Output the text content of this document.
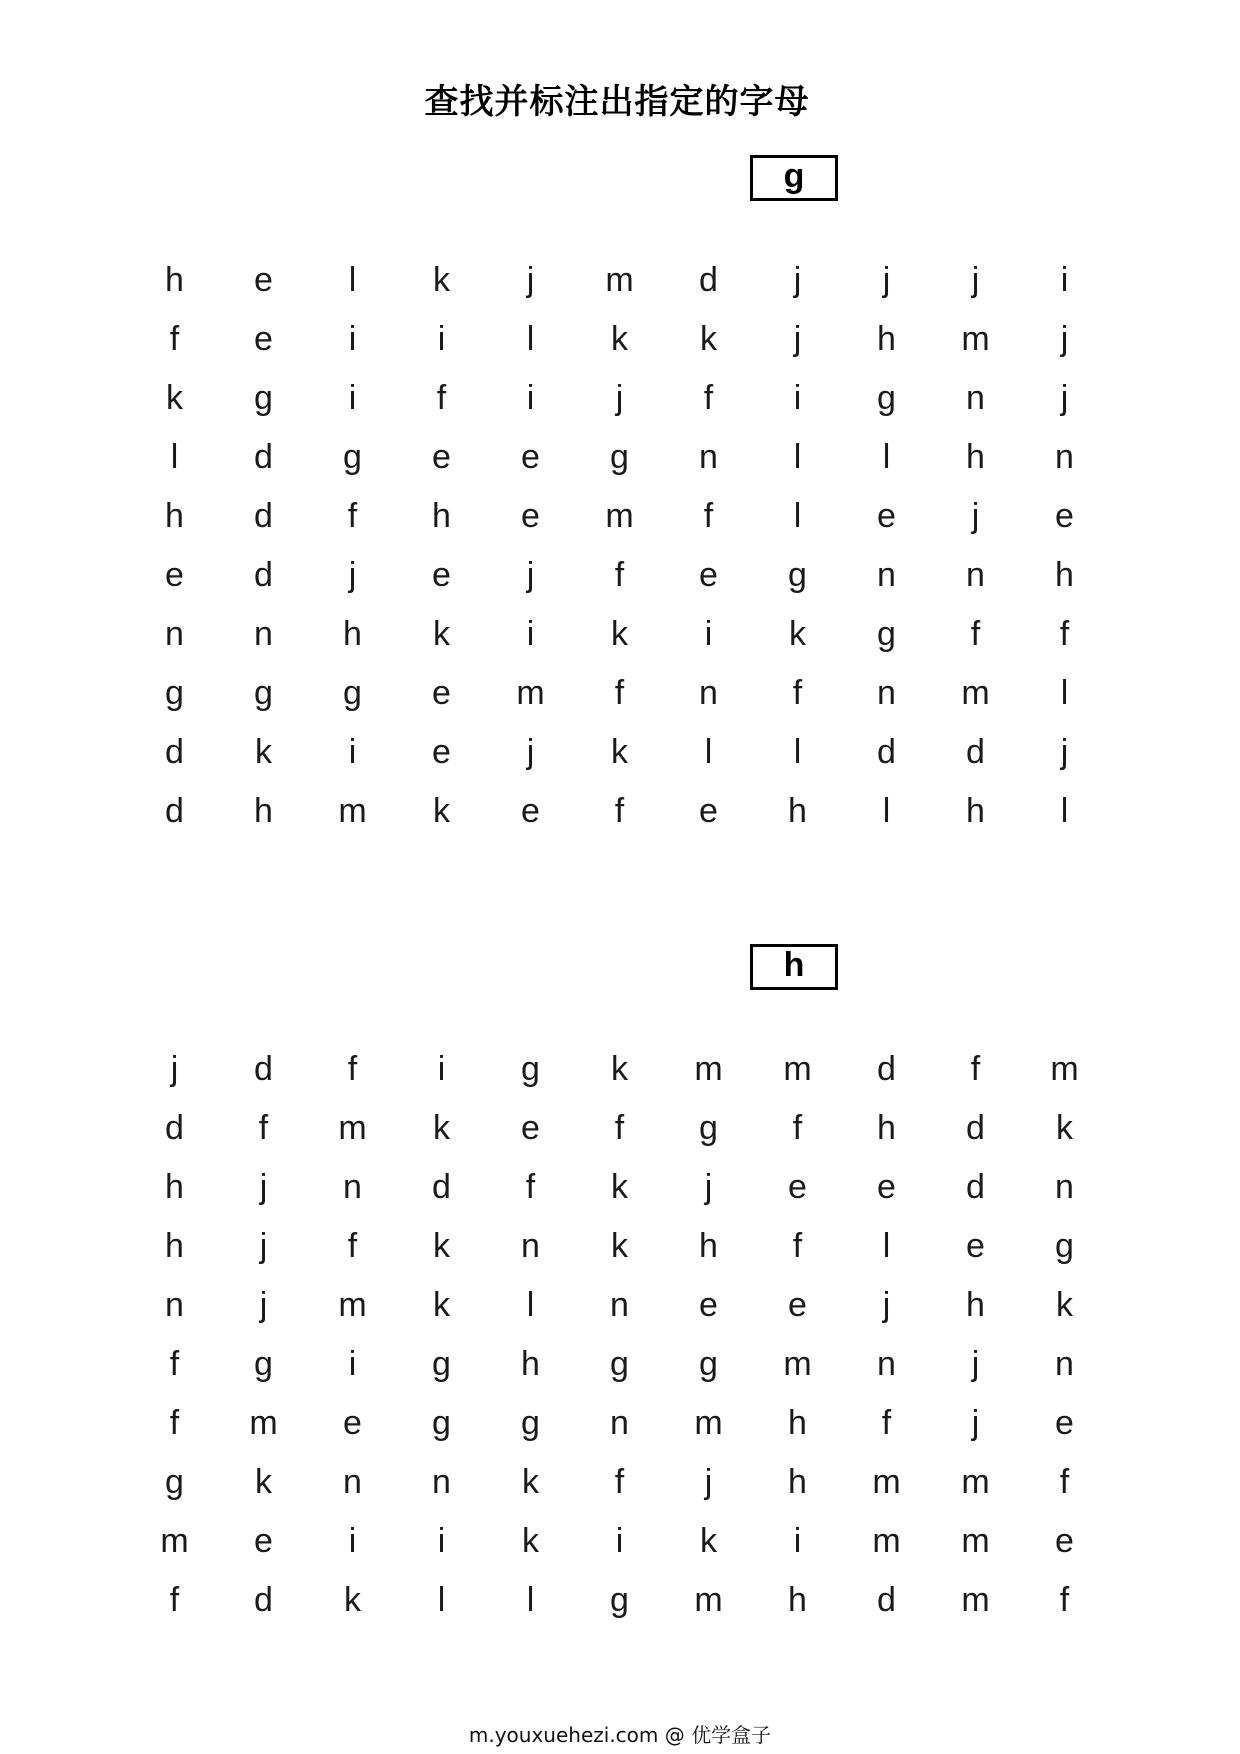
查找并标注出指定的字母
g
h	e	l	k	j	m	d	j	j	j	i
f	e	i	i	l	k	k	j	h	m	j
k	g	i	f	i	j	f	i	g	n	j
l	d	g	e	e	g	n	l	l	h	n
h	d	f	h	e	m	f	l	e	j	e
e	d	j	e	j	f	e	g	n	n	h
n	n	h	k	i	k	i	k	g	f	f
g	g	g	e	m	f	n	f	n	m	l
d	k	i	e	j	k	l	l	d	d	j
d	h	m	k	e	f	e	h	l	h	l
h
j	d	f	i	g	k	m	m	d	f	m
d	f	m	k	e	f	g	f	h	d	k
h	j	n	d	f	k	j	e	e	d	n
h	j	f	k	n	k	h	f	l	e	g
n	j	m	k	l	n	e	e	j	h	k
f	g	i	g	h	g	g	m	n	j	n
f	m	e	g	g	n	m	h	f	j	e
g	k	n	n	k	f	j	h	m	m	f
m	e	i	i	k	i	k	i	m	m	e
f	d	k	l	l	g	m	h	d	m	f
m.youxuehezi.com @ 优学盒子
